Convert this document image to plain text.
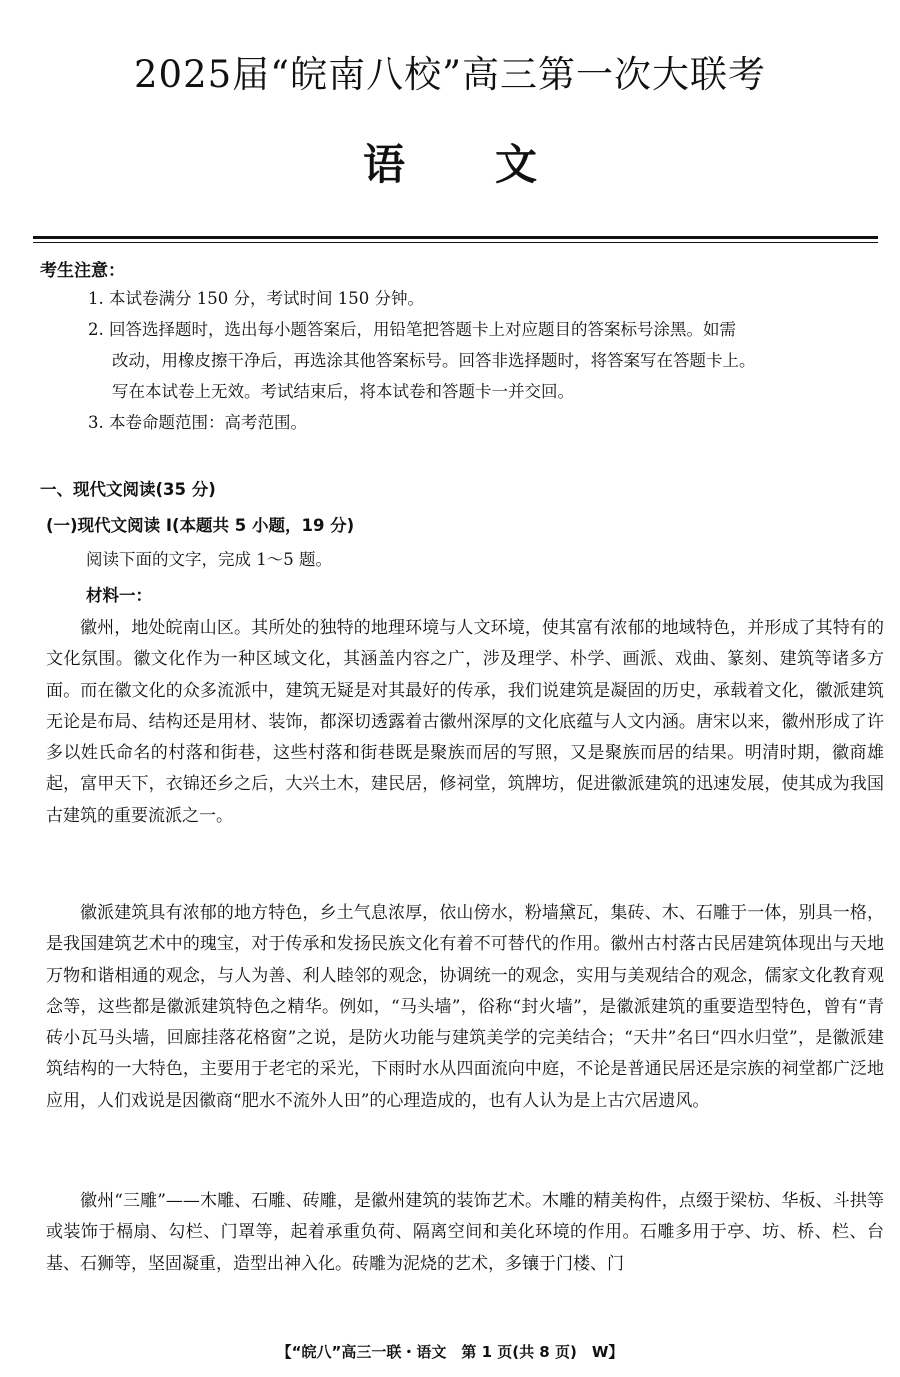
2025届“皖南八校”高三第一次大联考
语文
考生注意：
1. 本试卷满分 150 分，考试时间 150 分钟。
2. 回答选择题时，选出每小题答案后，用铅笔把答题卡上对应题目的答案标号涂黑。如需
改动，用橡皮擦干净后，再选涂其他答案标号。回答非选择题时，将答案写在答题卡上。
写在本试卷上无效。考试结束后，将本试卷和答题卡一并交回。
3. 本卷命题范围：高考范围。
一、现代文阅读(35 分)
(一)现代文阅读 Ⅰ(本题共 5 小题，19 分)
阅读下面的文字，完成 1～5 题。
材料一：

徽州，地处皖南山区。其所处的独特的地理环境与人文环境，使其富有浓郁的地域特色，并形成了其特有的文化氛围。徽文化作为一种区域文化，其涵盖内容之广，涉及理学、朴学、画派、戏曲、篆刻、建筑等诸多方面。而在徽文化的众多流派中，建筑无疑是对其最好的传承，我们说建筑是凝固的历史，承载着文化，徽派建筑无论是布局、结构还是用材、装饰，都深切透露着古徽州深厚的文化底蕴与人文内涵。唐宋以来，徽州形成了许多以姓氏命名的村落和街巷，这些村落和街巷既是聚族而居的写照，又是聚族而居的结果。明清时期，徽商雄起，富甲天下，衣锦还乡之后，大兴土木，建民居，修祠堂，筑牌坊，促进徽派建筑的迅速发展，使其成为我国古建筑的重要流派之一。

徽派建筑具有浓郁的地方特色，乡土气息浓厚，依山傍水，粉墙黛瓦，集砖、木、石雕于一体，别具一格，是我国建筑艺术中的瑰宝，对于传承和发扬民族文化有着不可替代的作用。徽州古村落古民居建筑体现出与天地万物和谐相通的观念，与人为善、利人睦邻的观念，协调统一的观念，实用与美观结合的观念，儒家文化教育观念等，这些都是徽派建筑特色之精华。例如，“马头墙”，俗称“封火墙”，是徽派建筑的重要造型特色，曾有“青砖小瓦马头墙，回廊挂落花格窗”之说，是防火功能与建筑美学的完美结合；“天井”名曰“四水归堂”，是徽派建筑结构的一大特色，主要用于老宅的采光，下雨时水从四面流向中庭，不论是普通民居还是宗族的祠堂都广泛地应用，人们戏说是因徽商“肥水不流外人田”的心理造成的，也有人认为是上古穴居遗风。

徽州“三雕”——木雕、石雕、砖雕，是徽州建筑的装饰艺术。木雕的精美构件，点缀于梁枋、华板、斗拱等或装饰于槅扇、勾栏、门罩等，起着承重负荷、隔离空间和美化环境的作用。石雕多用于亭、坊、桥、栏、台基、石狮等，坚固凝重，造型出神入化。砖雕为泥烧的艺术，多镶于门楼、门

【“皖八”高三一联・语文　第 1 页(共 8 页)　W】
